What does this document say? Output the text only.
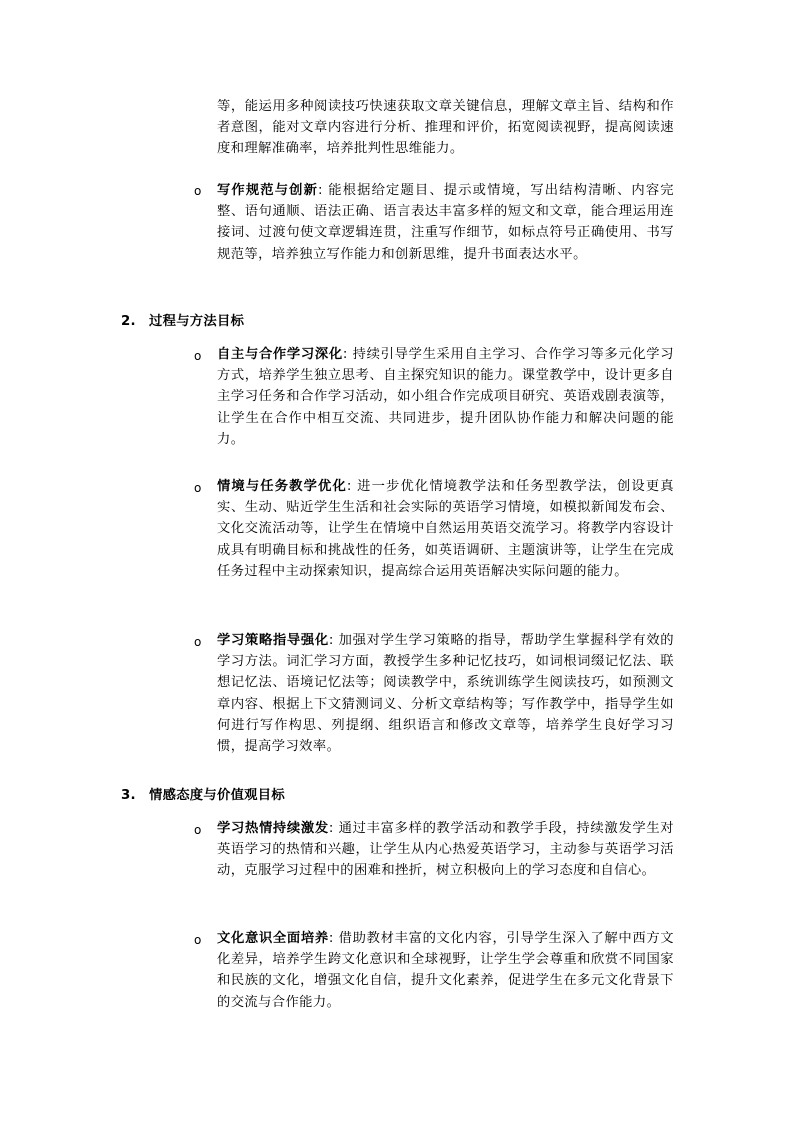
等，能运用多种阅读技巧快速获取文章关键信息，理解文章主旨、结构和作者意图，能对文章内容进行分析、推理和评价，拓宽阅读视野，提高阅读速度和理解准确率，培养批判性思维能力。
o 写作规范与创新: 能根据给定题目、提示或情境，写出结构清晰、内容完整、语句通顺、语法正确、语言表达丰富多样的短文和文章，能合理运用连接词、过渡句使文章逻辑连贯，注重写作细节，如标点符号正确使用、书写规范等，培养独立写作能力和创新思维，提升书面表达水平。
2. 过程与方法目标
o 自主与合作学习深化: 持续引导学生采用自主学习、合作学习等多元化学习方式，培养学生独立思考、自主探究知识的能力。课堂教学中，设计更多自主学习任务和合作学习活动，如小组合作完成项目研究、英语戏剧表演等，让学生在合作中相互交流、共同进步，提升团队协作能力和解决问题的能力。
o 情境与任务教学优化: 进一步优化情境教学法和任务型教学法，创设更真实、生动、贴近学生生活和社会实际的英语学习情境，如模拟新闻发布会、文化交流活动等，让学生在情境中自然运用英语交流学习。将教学内容设计成具有明确目标和挑战性的任务，如英语调研、主题演讲等，让学生在完成任务过程中主动探索知识，提高综合运用英语解决实际问题的能力。
o 学习策略指导强化: 加强对学生学习策略的指导，帮助学生掌握科学有效的学习方法。词汇学习方面，教授学生多种记忆技巧，如词根词缀记忆法、联想记忆法、语境记忆法等；阅读教学中，系统训练学生阅读技巧，如预测文章内容、根据上下文猜测词义、分析文章结构等；写作教学中，指导学生如何进行写作构思、列提纲、组织语言和修改文章等，培养学生良好学习习惯，提高学习效率。
3. 情感态度与价值观目标
o 学习热情持续激发: 通过丰富多样的教学活动和教学手段，持续激发学生对英语学习的热情和兴趣，让学生从内心热爱英语学习，主动参与英语学习活动，克服学习过程中的困难和挫折，树立积极向上的学习态度和自信心。
o 文化意识全面培养: 借助教材丰富的文化内容，引导学生深入了解中西方文化差异，培养学生跨文化意识和全球视野，让学生学会尊重和欣赏不同国家和民族的文化，增强文化自信，提升文化素养，促进学生在多元文化背景下的交流与合作能力。
